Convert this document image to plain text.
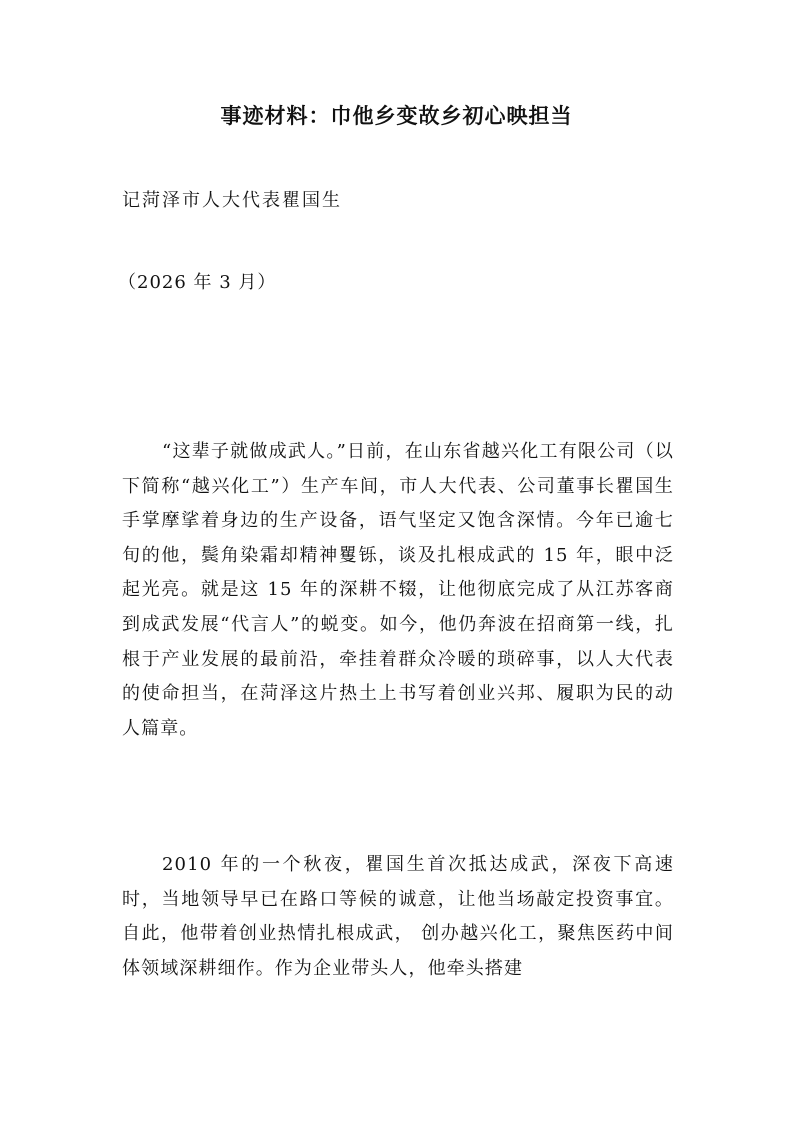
事迹材料：巾他乡变故乡初心映担当
记菏泽市人大代表瞿国生
（2026 年 3 月）

“这辈子就做成武人。”日前，在山东省越兴化工有限公司（以下简称“越兴化工”）生产车间，市人大代表、公司董事长瞿国生手掌摩挲着身边的生产设备，语气坚定又饱含深情。今年已逾七旬的他，鬓角染霜却精神矍铄，谈及扎根成武的 15 年，眼中泛起光亮。就是这 15 年的深耕不辍，让他彻底完成了从江苏客商到成武发展“代言人”的蜕变。如今，他仍奔波在招商第一线，扎根于产业发展的最前沿，牵挂着群众冷暖的琐碎事，以人大代表的使命担当，在菏泽这片热土上书写着创业兴邦、履职为民的动人篇章。

2010 年的一个秋夜，瞿国生首次抵达成武，深夜下高速时，当地领导早已在路口等候的诚意，让他当场敲定投资事宜。自此，他带着创业热情扎根成武， 创办越兴化工，聚焦医药中间体领域深耕细作。作为企业带头人，他牵头搭建
